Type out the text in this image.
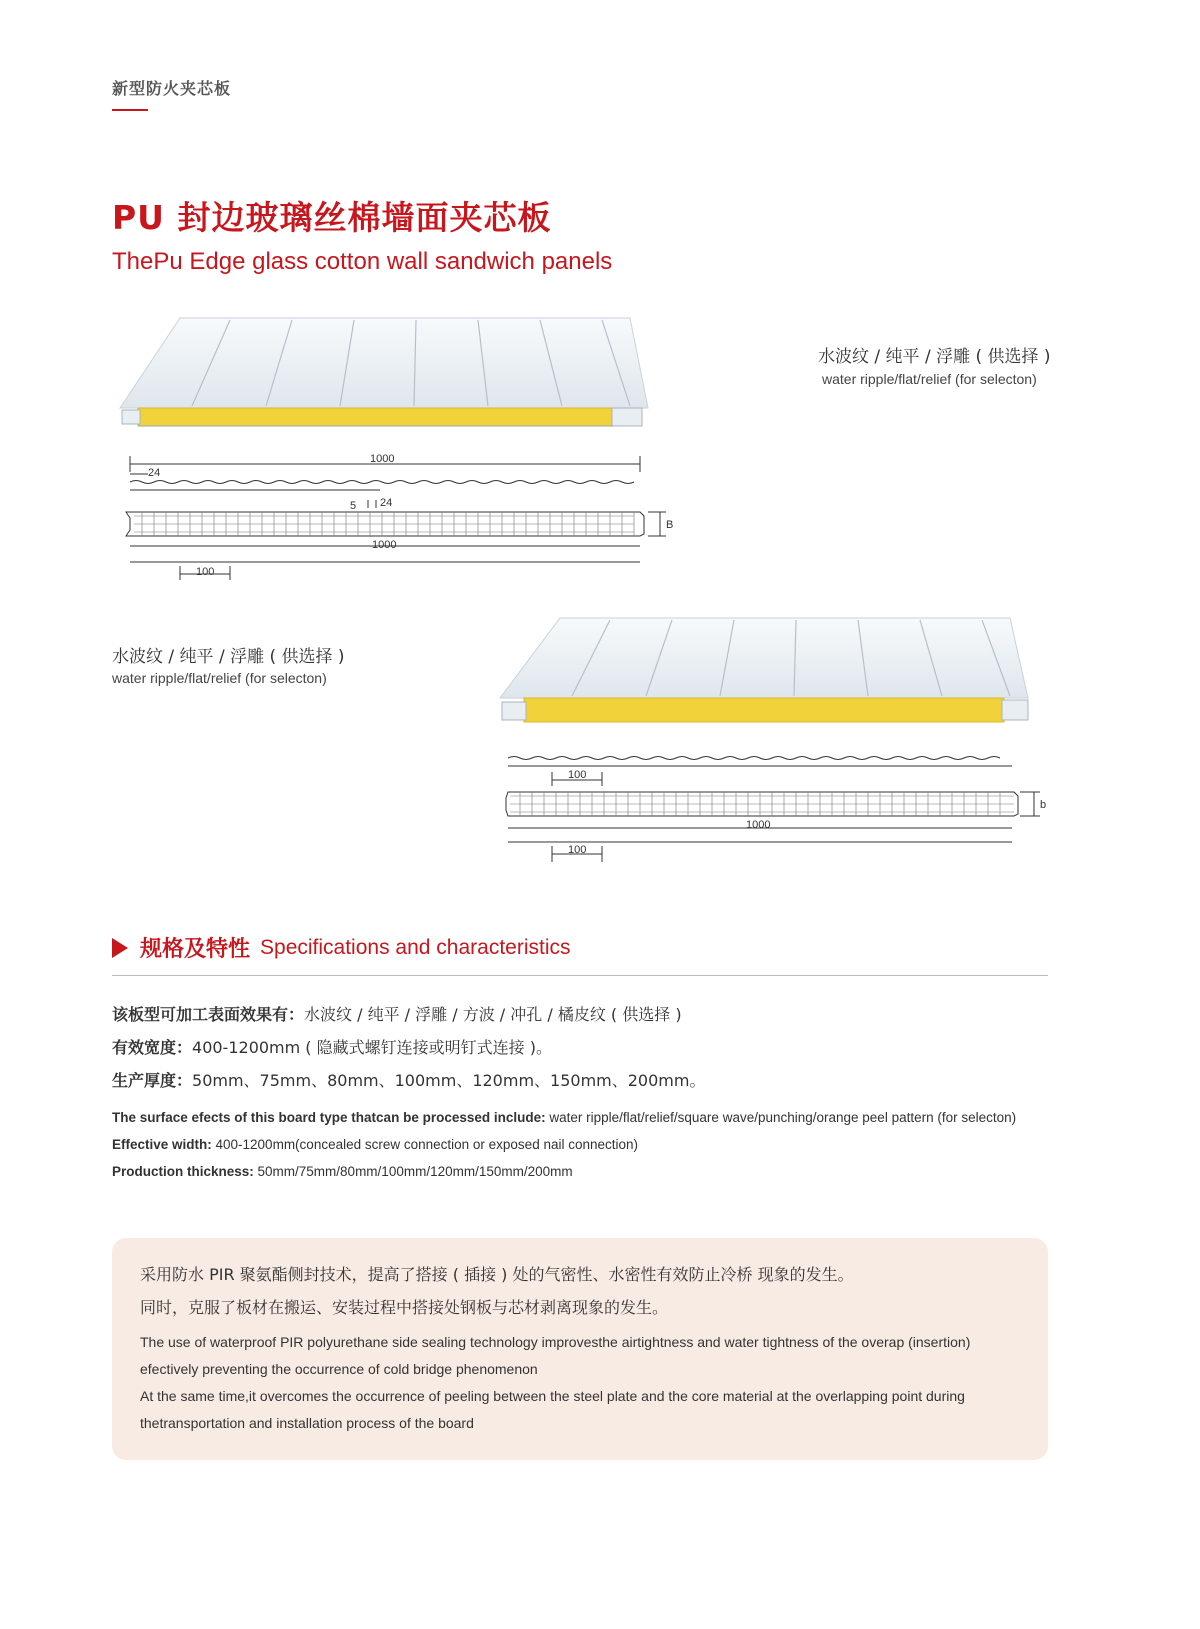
新型防火夹芯板
PU 封边玻璃丝棉墙面夹芯板
ThePu Edge glass cotton wall sandwich panels
水波纹 / 纯平 / 浮雕 ( 供选择 )
water ripple/flat/relief (for selecton)
1000
24
5 24
B
1000
100
水波纹 / 纯平 / 浮雕 ( 供选择 )
water ripple/flat/relief (for selecton)
100
b
1000
100
规格及特性 Specifications and characteristics
该板型可加工表面效果有：水波纹 / 纯平 / 浮雕 / 方波 / 冲孔 / 橘皮纹 ( 供选择 )
有效宽度：400-1200mm ( 隐藏式螺钉连接或明钉式连接 )。
生产厚度：50mm、75mm、80mm、100mm、120mm、150mm、200mm。
The surface efects of this board type thatcan be processed include: water ripple/flat/relief/square wave/punching/orange peel pattern (for selecton)
Effective width: 400-1200mm(concealed screw connection or exposed nail connection)
Production thickness: 50mm/75mm/80mm/100mm/120mm/150mm/200mm
采用防水 PIR 聚氨酯侧封技术，提高了搭接 ( 插接 ) 处的气密性、水密性有效防止冷桥 现象的发生。
同时，克服了板材在搬运、安装过程中搭接处钢板与芯材剥离现象的发生。
The use of waterproof PIR polyurethane side sealing technology improvesthe airtightness and water tightness of the overap (insertion)
efectively preventing the occurrence of cold bridge phenomenon
At the same time,it overcomes the occurrence of peeling between the steel plate and the core material at the overlapping point during
thetransportation and installation process of the board
